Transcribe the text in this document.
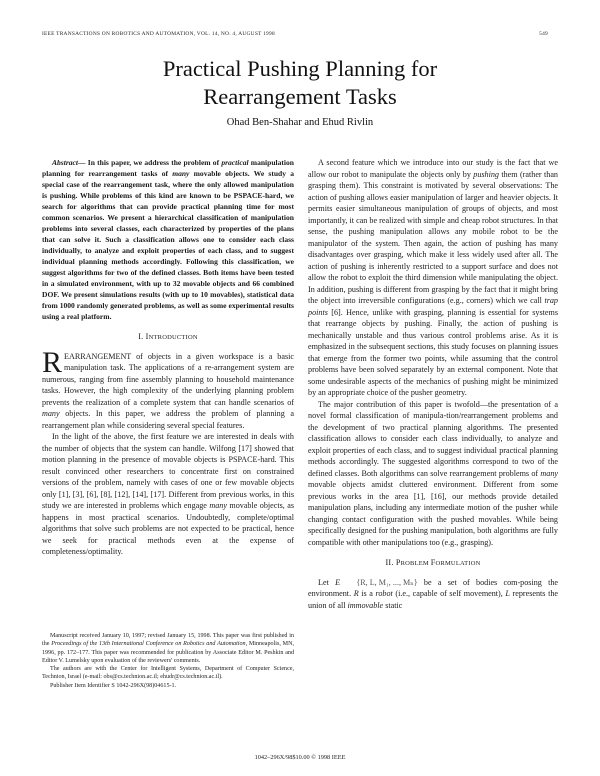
IEEE TRANSACTIONS ON ROBOTICS AND AUTOMATION, VOL. 14, NO. 4, AUGUST 1998	549
Practical Pushing Planning for
Rearrangement Tasks
Ohad Ben-Shahar and Ehud Rivlin

Abstract— In this paper, we address the problem of practical manipulation planning for rearrangement tasks of many movable objects. We study a special case of the rearrangement task, where the only allowed manipulation is pushing. While problems of this kind are known to be PSPACE-hard, we search for algorithms that can provide practical planning time for most common scenarios. We present a hierarchical classification of manipulation problems into several classes, each characterized by properties of the plans that can solve it. Such a classification allows one to consider each class individually, to analyze and exploit properties of each class, and to suggest individual planning methods accordingly. Following this classification, we suggest algorithms for two of the defined classes. Both items have been tested in a simulated environment, with up to 32 movable objects and 66 combined DOF. We present simulations results (with up to 10 movables), statistical data from 1000 randomly generated problems, as well as some experimental results using a real platform.

I. INTRODUCTION

REARRANGEMENT of objects in a given workspace is a basic manipulation task. The applications of a re-arrangement system are numerous, ranging from fine assembly planning to household maintenance tasks. However, the high complexity of the underlying planning problem prevents the realization of a complete system that can handle scenarios of many objects. In this paper, we address the problem of planning a rearrangement plan while considering several special features.

In the light of the above, the first feature we are interested in deals with the number of objects that the system can handle. Wilfong [17] showed that motion planning in the presence of movable objects is PSPACE-hard. This result convinced other researchers to concentrate first on constrained versions of the problem, namely with cases of one or few movable objects only [1], [3], [6], [8], [12], [14], [17]. Different from previous works, in this study we are interested in problems which engage many movable objects, as happens in most practical scenarios. Undoubtedly, complete/optimal algorithms that solve such problems are not expected to be practical, hence we seek for practical methods even at the expense of completeness/optimality.

Manuscript received January 10, 1997; revised January 15, 1998. This paper was first published in the Proceedings of the 13th International Conference on Robotics and Automation, Minneapolis, MN, 1996, pp. 172–177. This paper was recommended for publication by Associate Editor M. Peshkin and Editor V. Lumelsky upon evaluation of the reviewers' comments.

The authors are with the Center for Intelligent Systems, Department of Computer Science, Technion, Israel (e-mail: obs@cs.technion.ac.il; ehudr@cs.technion.ac.il).

Publisher Item Identifier S 1042-296X(98)04615-1.

A second feature which we introduce into our study is the fact that we allow our robot to manipulate the objects only by pushing them (rather than grasping them). This constraint is motivated by several observations: The action of pushing allows easier manipulation of larger and heavier objects. It permits easier simultaneous manipulation of groups of objects, and most importantly, it can be realized with simple and cheap robot structures. In that sense, the pushing manipulation allows any mobile robot to be the manipulator of the system. Then again, the action of pushing has many disadvantages over grasping, which make it less widely used after all. The action of pushing is inherently restricted to a support surface and does not allow the robot to exploit the third dimension while manipulating the object. In addition, pushing is different from grasping by the fact that it might bring the object into irreversible configurations (e.g., corners) which we call trap points [6]. Hence, unlike with grasping, planning is essential for systems that rearrange objects by pushing. Finally, the action of pushing is mechanically unstable and thus various control problems arise. As it is emphasized in the subsequent sections, this study focuses on planning issues that emerge from the former two points, while assuming that the control problems have been solved separately by an external component. Note that some undesirable aspects of the mechanics of pushing might be minimized by an appropriate choice of the pusher geometry.

The major contribution of this paper is twofold—the presentation of a novel formal classification of manipula-tion/rearrangement problems and the development of two practical planning algorithms. The presented classification allows to consider each class individually, to analyze and exploit properties of each class, and to suggest individual practical planning methods accordingly. The suggested algorithms correspond to two of the defined classes. Both algorithms can solve rearrangement problems of many movable objects amidst cluttered environment. Different from some previous works in the area [1], [16], our methods provide detailed manipulation plans, including any intermediate motion of the pusher while changing contact configuration with the pushed movables. While being specifically designed for the pushing manipulation, both algorithms are fully compatible with other manipulations too (e.g., grasping).

II. PROBLEM FORMULATION

Let E {R, L, M₁, ..., Mₙ} be a set of bodies com-posing the environment. R is a robot (i.e., capable of self movement), L represents the union of all immovable static

1042–296X/98$10.00 © 1998 IEEE
